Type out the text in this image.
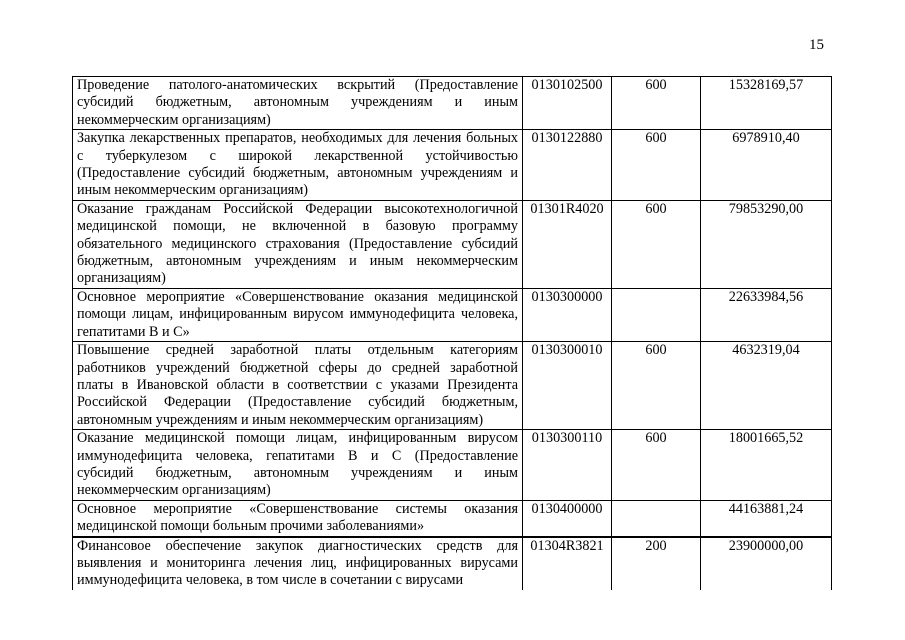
15
Проведение патолого-анатомических вскрытий (Предоставление субсидий бюджетным, автономным учреждениям и иным некоммерческим организациям)	0130102500	600	15328169,57
Закупка лекарственных препаратов, необходимых для лечения больных с туберкулезом с широкой лекарственной устойчивостью (Предоставление субсидий бюджетным, автономным учреждениям и иным некоммерческим организациям)	0130122880	600	6978910,40
Оказание гражданам Российской Федерации высокотехнологичной медицинской помощи, не включенной в базовую программу обязательного медицинского страхования (Предоставление субсидий бюджетным, автономным учреждениям и иным некоммерческим организациям)	01301R4020	600	79853290,00
Основное мероприятие «Совершенствование оказания медицинской помощи лицам, инфицированным вирусом иммунодефицита человека, гепатитами В и С»	0130300000		22633984,56
Повышение средней заработной платы отдельным категориям работников учреждений бюджетной сферы до средней заработной платы в Ивановской области в соответствии с указами Президента Российской Федерации (Предоставление субсидий бюджетным, автономным учреждениям и иным некоммерческим организациям)	0130300010	600	4632319,04
Оказание медицинской помощи лицам, инфицированным вирусом иммунодефицита человека, гепатитами В и С (Предоставление субсидий бюджетным, автономным учреждениям и иным некоммерческим организациям)	0130300110	600	18001665,52
Основное мероприятие «Совершенствование системы оказания медицинской помощи больным прочими заболеваниями»	0130400000		44163881,24
Финансовое обеспечение закупок диагностических средств для выявления и мониторинга лечения лиц, инфицированных вирусами иммунодефицита человека, в том числе в сочетании с вирусами	01304R3821	200	23900000,00
